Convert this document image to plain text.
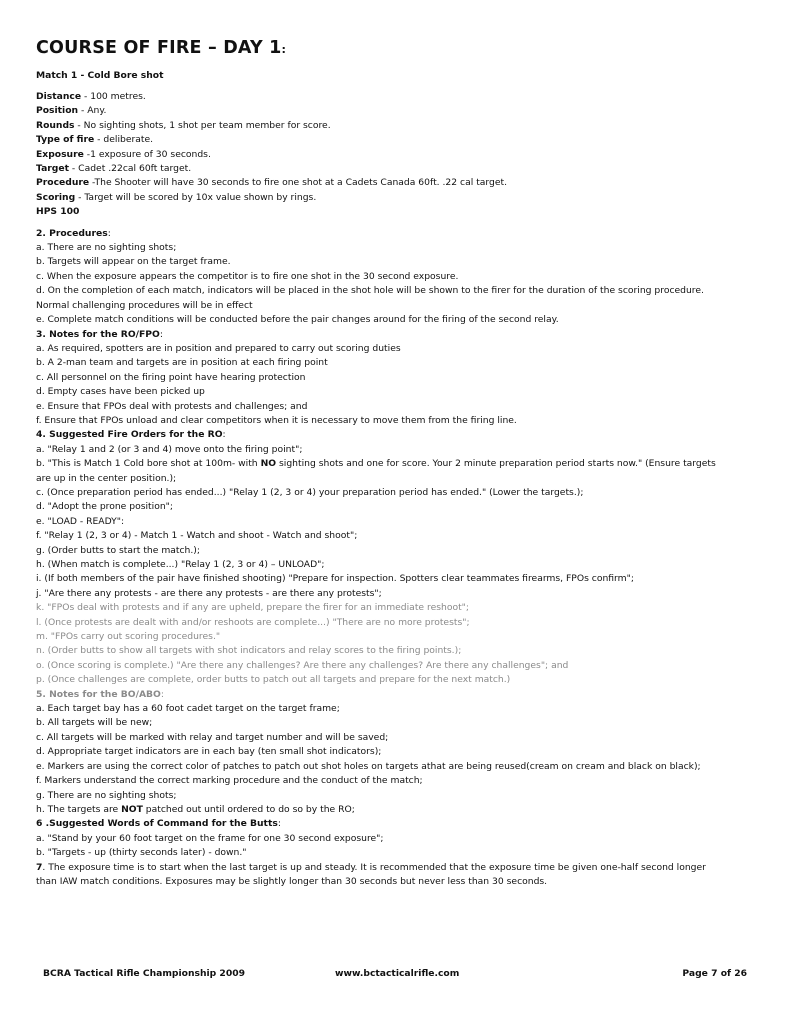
COURSE OF FIRE – DAY 1:
Match 1 - Cold Bore shot
Distance - 100 metres.
Position - Any.
Rounds - No sighting shots, 1 shot per team member for score.
Type of fire - deliberate.
Exposure -1 exposure of 30 seconds.
Target - Cadet .22cal 60ft target.
Procedure -The Shooter will have 30 seconds to fire one shot at a Cadets Canada 60ft. .22 cal target.
Scoring - Target will be scored by 10x value shown by rings.
HPS 100
2. Procedures:
a. There are no sighting shots;
b. Targets will appear on the target frame.
c. When the exposure appears the competitor is to fire one shot in the 30 second exposure.
d. On the completion of each match, indicators will be placed in the shot hole will be shown to the firer for the duration of the scoring procedure.
Normal challenging procedures will be in effect
e. Complete match conditions will be conducted before the pair changes around for the firing of the second relay.
3. Notes for the RO/FPO:
a. As required, spotters are in position and prepared to carry out scoring duties
b. A 2-man team and targets are in position at each firing point
c. All personnel on the firing point have hearing protection
d. Empty cases have been picked up
e. Ensure that FPOs deal with protests and challenges; and
f. Ensure that FPOs unload and clear competitors when it is necessary to move them from the firing line.
4. Suggested Fire Orders for the RO:
a. "Relay 1 and 2 (or 3 and 4) move onto the firing point";
b. "This is Match 1 Cold bore shot at 100m- with NO sighting shots and one for score. Your 2 minute preparation period starts now." (Ensure targets
are up in the center position.);
c. (Once preparation period has ended...) "Relay 1 (2, 3 or 4) your preparation period has ended." (Lower the targets.);
d. "Adopt the prone position";
e. "LOAD - READY":
f. "Relay 1 (2, 3 or 4) - Match 1 - Watch and shoot - Watch and shoot";
g. (Order butts to start the match.);
h. (When match is complete...) "Relay 1 (2, 3 or 4) – UNLOAD";
i. (If both members of the pair have finished shooting) "Prepare for inspection. Spotters clear teammates firearms, FPOs confirm";
j. "Are there any protests - are there any protests - are there any protests";
k. "FPOs deal with protests and if any are upheld, prepare the firer for an immediate reshoot";
l. (Once protests are dealt with and/or reshoots are complete...) "There are no more protests";
m. "FPOs carry out scoring procedures."
n. (Order butts to show all targets with shot indicators and relay scores to the firing points.);
o. (Once scoring is complete.) "Are there any challenges? Are there any challenges? Are there any challenges"; and
p. (Once challenges are complete, order butts to patch out all targets and prepare for the next match.)
5. Notes for the BO/ABO:
a. Each target bay has a 60 foot cadet target on the target frame;
b. All targets will be new;
c. All targets will be marked with relay and target number and will be saved;
d. Appropriate target indicators are in each bay (ten small shot indicators);
e. Markers are using the correct color of patches to patch out shot holes on targets athat are being reused(cream on cream and black on black);
f. Markers understand the correct marking procedure and the conduct of the match;
g. There are no sighting shots;
h. The targets are NOT patched out until ordered to do so by the RO;
6 .Suggested Words of Command for the Butts:
a. "Stand by your 60 foot target on the frame for one 30 second exposure";
b. "Targets - up (thirty seconds later) - down."
7. The exposure time is to start when the last target is up and steady. It is recommended that the exposure time be given one-half second longer
than IAW match conditions. Exposures may be slightly longer than 30 seconds but never less than 30 seconds.
BCRA Tactical Rifle Championship 2009	www.bctacticalrifle.com	Page 7 of 26
